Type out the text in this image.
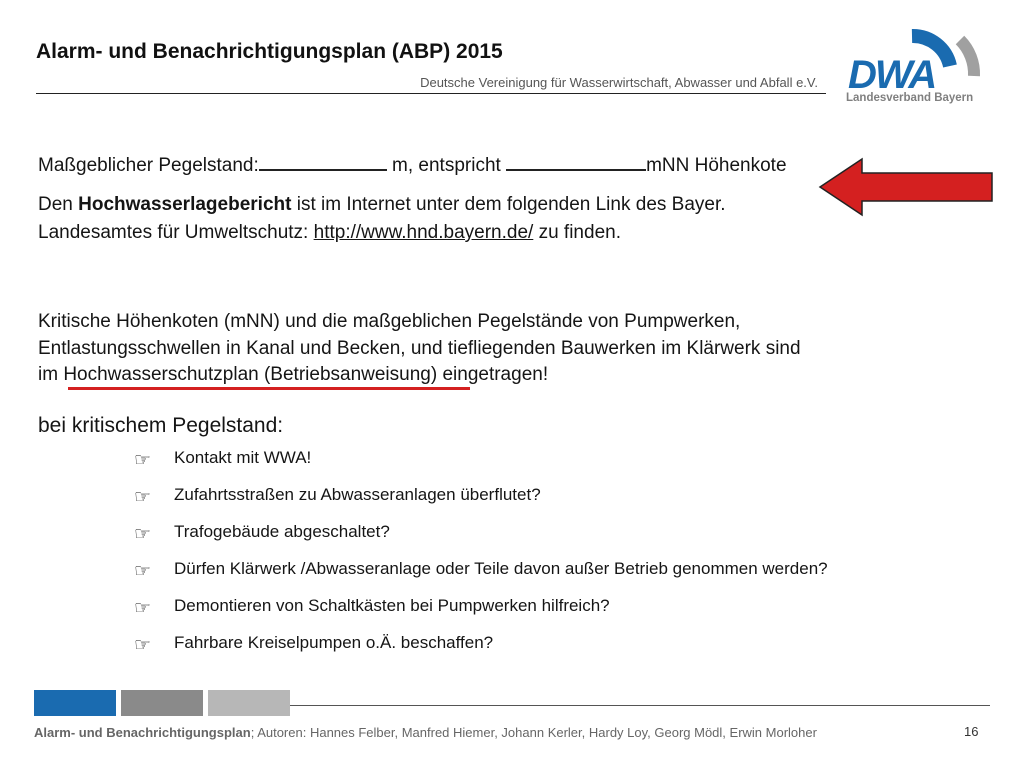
Alarm- und Benachrichtigungsplan (ABP) 2015
Deutsche Vereinigung für Wasserwirtschaft, Abwasser und Abfall e.V. DWA
Landesverband Bayern
Maßgeblicher Pegelstand:	m, entspricht	mNN Höhenkote
Den Hochwasserlagebericht ist im Internet unter dem folgenden Link des Bayer.
Landesamtes für Umweltschutz: http://www.hnd.bayern.de/ zu finden.
Kritische Höhenkoten (mNN) und die maßgeblichen Pegelstände von Pumpwerken,
Entlastungsschwellen in Kanal und Becken, und tiefliegenden Bauwerken im Klärwerk sind
im Hochwasserschutzplan (Betriebsanweisung) eingetragen!
bei kritischem Pegelstand:
☞ Kontakt mit WWA!
☞ Zufahrtsstraßen zu Abwasseranlagen überflutet?
☞ Trafogebäude abgeschaltet?
☞ Dürfen Klärwerk /Abwasseranlage oder Teile davon außer Betrieb genommen werden?
☞ Demontieren von Schaltkästen bei Pumpwerken hilfreich?
☞ Fahrbare Kreiselpumpen o.Ä. beschaffen?
Alarm- und Benachrichtigungsplan; Autoren: Hannes Felber, Manfred Hiemer, Johann Kerler, Hardy Loy, Georg Mödl, Erwin Morloher	16
